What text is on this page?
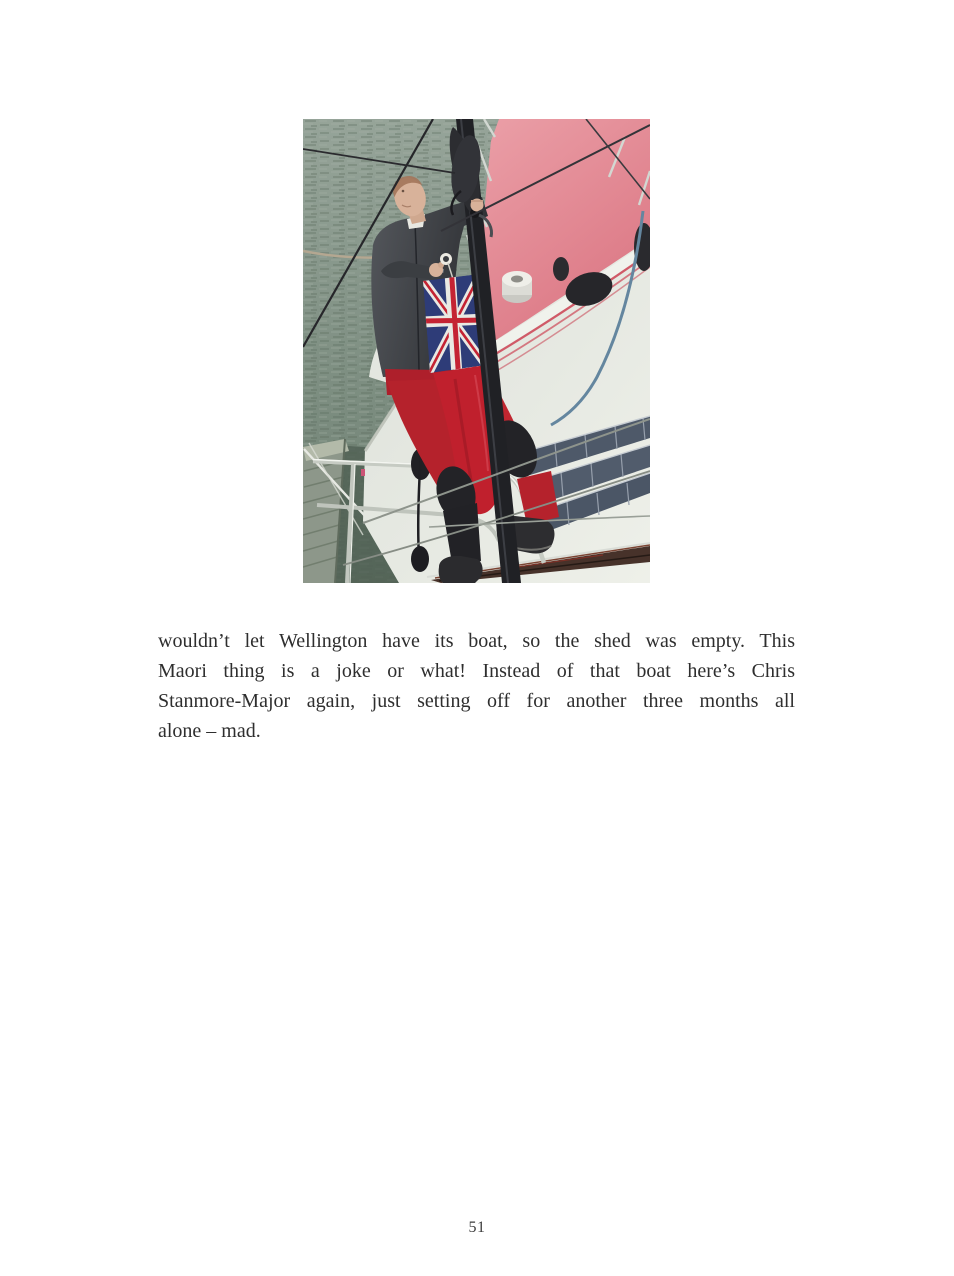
wouldn’t let Wellington have its boat, so the shed was empty. This
Maori thing is a joke or what! Instead of that boat here’s Chris
Stanmore-Major again, just setting off for another three months all
alone – mad.
51
